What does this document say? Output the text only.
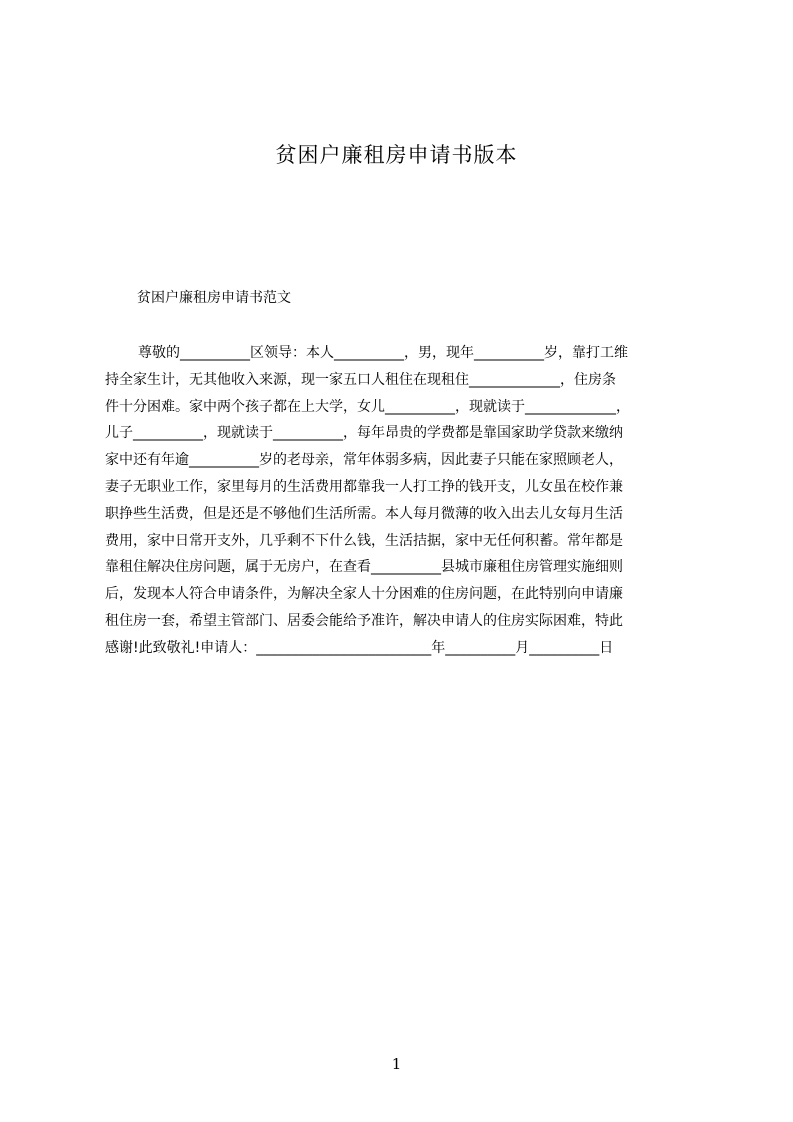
贫困户廉租房申请书版本
贫困户廉租房申请书范文
尊敬的__________区领导：本人__________，男，现年__________岁，靠打工维
持全家生计，无其他收入来源，现一家五口人租住在现租住_____________，住房条
件十分困难。家中两个孩子都在上大学，女儿__________，现就读于_____________，
儿子__________，现就读于__________，每年昂贵的学费都是靠国家助学贷款来缴纳
家中还有年逾__________岁的老母亲，常年体弱多病，因此妻子只能在家照顾老人，
妻子无职业工作，家里每月的生活费用都靠我一人打工挣的钱开支，儿女虽在校作兼
职挣些生活费，但是还是不够他们生活所需。本人每月微薄的收入出去儿女每月生活
费用，家中日常开支外，几乎剩不下什么钱，生活拮据，家中无任何积蓄。常年都是
靠租住解决住房问题，属于无房户，在查看__________县城市廉租住房管理实施细则
后，发现本人符合申请条件，为解决全家人十分困难的住房问题，在此特别向申请廉
租住房一套，希望主管部门、居委会能给予准许，解决申请人的住房实际困难，特此
感谢!此致敬礼!申请人：_________________________年__________月__________日
1
